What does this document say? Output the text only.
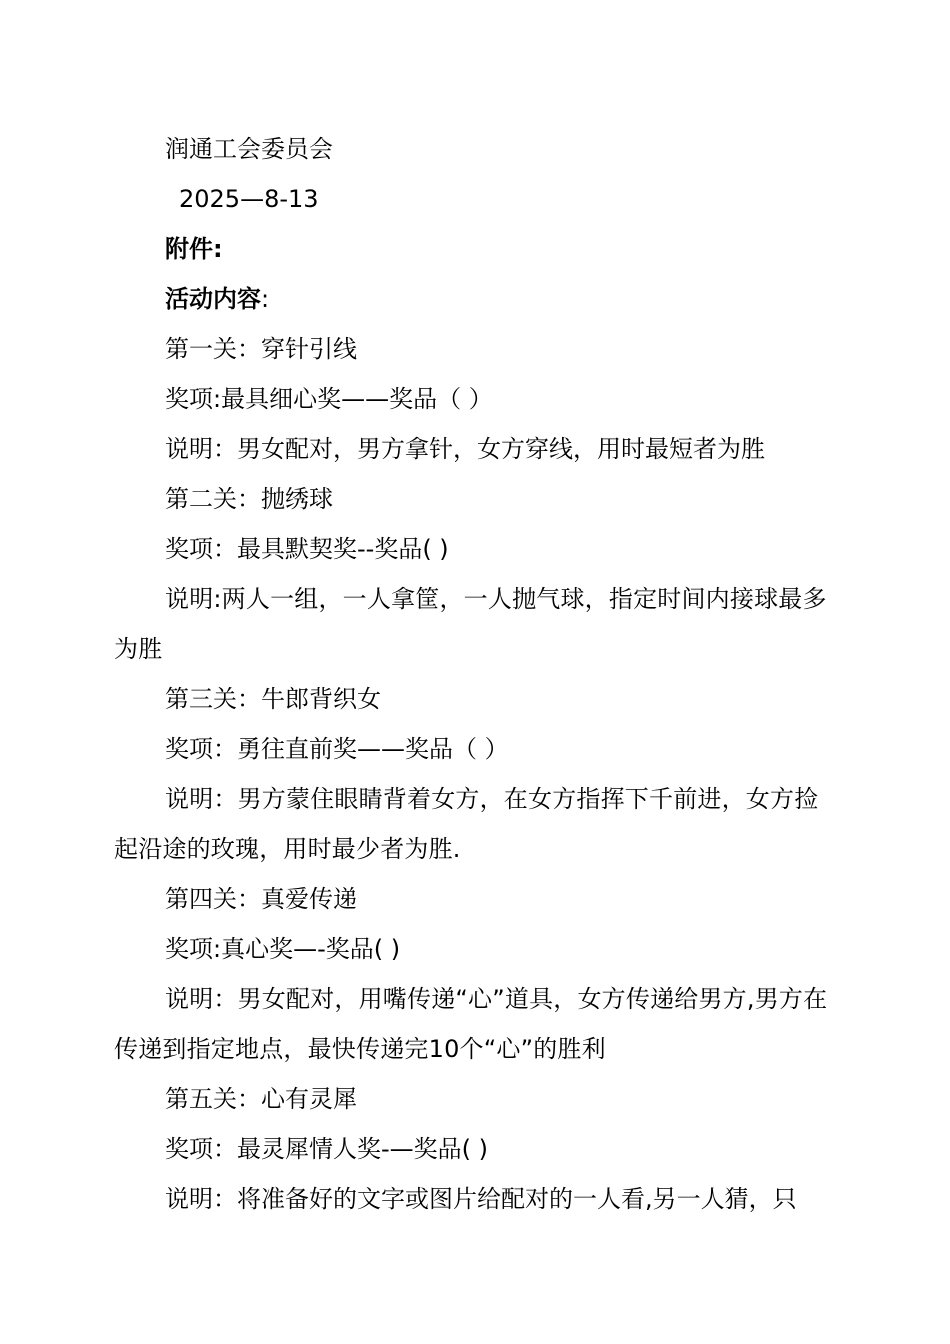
润通工会委员会

2025—8-13

附件:

活动内容:

第一关：穿针引线

奖项:最具细心奖——奖品（ ）

说明：男女配对，男方拿针，女方穿线，用时最短者为胜

第二关：抛绣球

奖项：最具默契奖--奖品( )

说明:两人一组，一人拿筐，一人抛气球，指定时间内接球最多为胜

第三关：牛郎背织女

奖项：勇往直前奖——奖品（ ）

说明：男方蒙住眼睛背着女方，在女方指挥下千前进，女方捡起沿途的玫瑰，用时最少者为胜.

第四关：真爱传递

奖项:真心奖—-奖品( )

说明：男女配对，用嘴传递“心”道具，女方传递给男方,男方在传递到指定地点，最快传递完10个“心”的胜利

第五关：心有灵犀

奖项：最灵犀情人奖-—奖品( )

说明：将准备好的文字或图片给配对的一人看,另一人猜，只
